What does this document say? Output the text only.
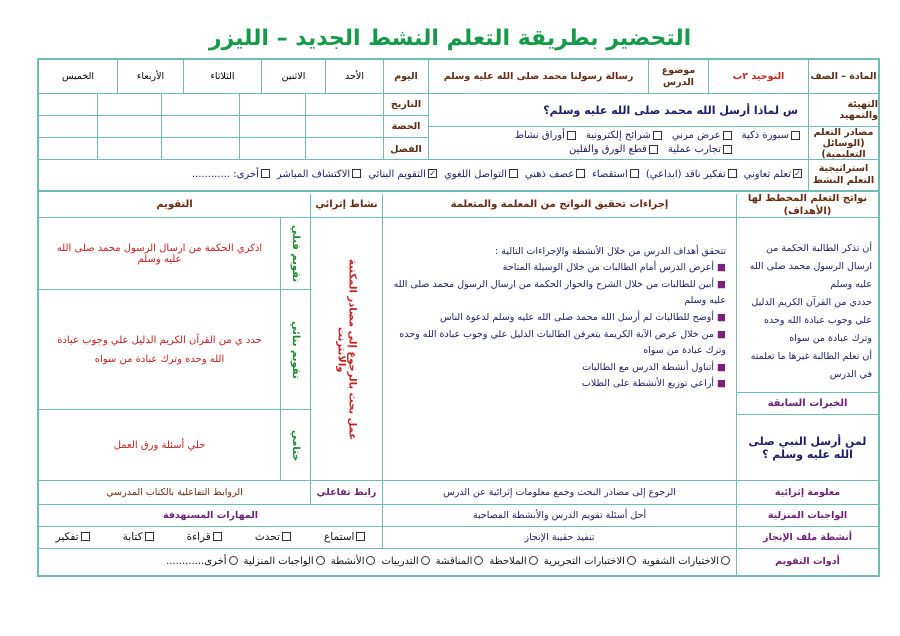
التحضير بطريقة التعلم النشط الجديد – الليزر
المادة – الصف
التوحيد ٢ب
موضوع الدرس
رسالة رسولنا محمد صلى الله عليه وسلم
اليوم
الأحد
الاثنين
الثلاثاء
الأربعاء
الخميس
التهيئة والتمهيد
مصادر التعلم (الوسائل التعليمية)
س لماذا أرسل الله محمد صلى الله عليه وسلم؟
سبورة ذكية
عرض مرني
شرائح إلكترونية
أوراق نشاط
تجارب عملية
قطع الورق والفلين
التاريخ
الحصة
الفصل
استراتيجية التعلم النشط
✓تعلم تعاوني
تفكير ناقد (ابداعي)
استقصاء
عصف ذهني
التواصل اللغوي
✓التقويم البنائي
الاكتشاف المباشر
أخرى: ............
نواتج التعلم المخطط لها (الأهداف)
إجراءات تحقيق النواتج من المعلمة والمتعلمة
نشاط إثرائي
التقويم
أن تذكر الطالبة الحكمة من ارسال الرسول محمد صلى الله عليه وسلم
حددي من القرآن الكريم الدليل علي وجوب عبادة الله وحده وترك عبادة من سواه
أن تعلم الطالبة غيرها ما تعلمته في الدرس
الخبرات السابقة
لمن أرسل النبي صلى الله عليه وسلم ؟
تتحقق أهداف الدرس من خلال الأنشطة والإجراءات التالية :
■أعرض الدرس أمام الطالبات من خلال الوسيلة المتاحة
■أبين للطالبات من خلال الشرح والحوار الحكمة من ارسال الرسول محمد صلى الله عليه وسلم
■أوضح للطالبات لم أرسل الله محمد صلى الله عليه وسلم لدعوة الناس
■من خلال عرض الآية الكريمة يتعرفن الطالبات الدليل علي وجوب عبادة الله وحده وترك عبادة من سواه
■أتناول أنشطة الدرس مع الطالبات
■أراعي توزيع الأنشطة على الطلاب
عمل بحث بالرجوع إلى مصادر المكتبة والانترنت
تقويم قبلي
اذكري الحكمة من ارسال الرسول محمد صلى الله عليه وسلم
تقويم بنائي
حدد ي من القرآن الكريم الدليل علي وجوب عبادة الله وحده وترك عبادة من سواه
ختامي
حلي أسئلة ورق العمل
معلومة إثرائية
الرجوع إلى مصادر البحث وجمع معلومات إثرائية عن الدرس
رابط تفاعلي
الروابط التفاعلية بالكتاب المدرسي
الواجبات المنزلية
أحل أسئلة تقويم الدرس والأنشطة المصاحبة
المهارات المستهدفة
أنشطة ملف الإنجاز
تنفيذ حقيبة الإنجاز
استماع
تحدث
قراءة
كتابة
تفكير
أدوات التقويم
الاختبارات الشفوية
الاختبارات التحريرية
الملاحظة
المناقشة
التدريبات
الأنشطة
الواجبات المنزلية
أخرى............
